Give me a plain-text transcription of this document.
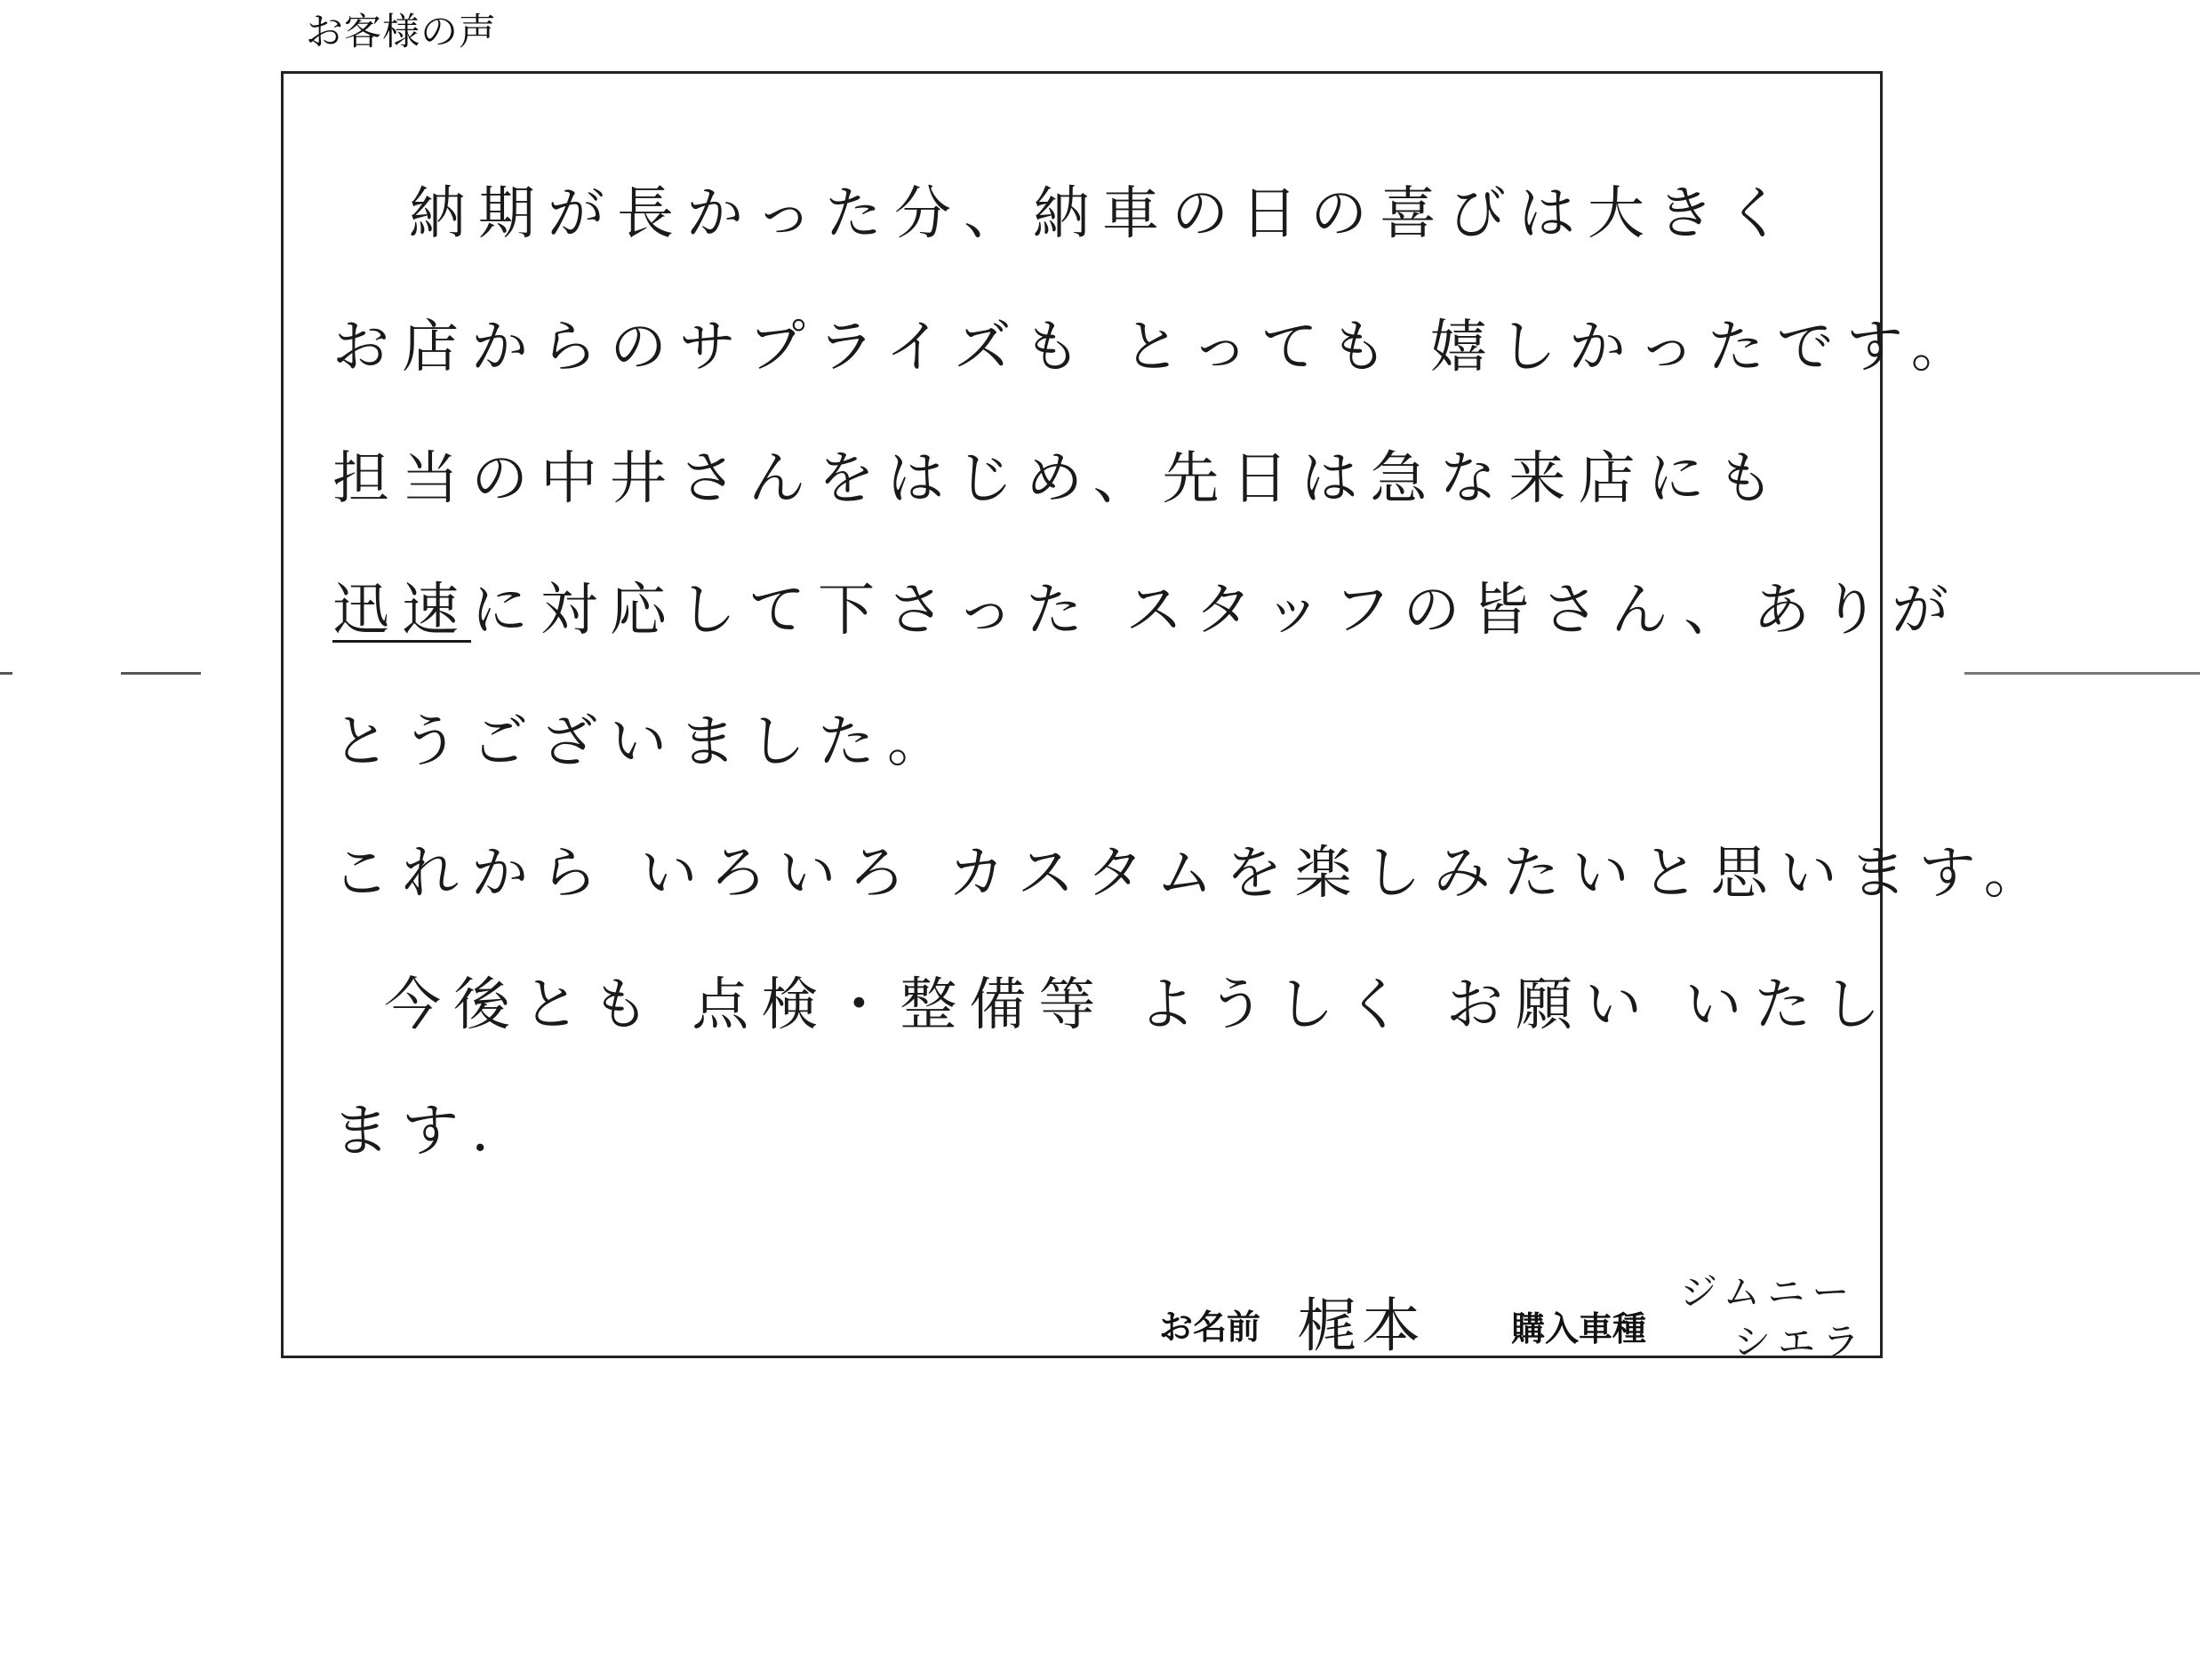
お客様の声
納期が長かった分、納車の日の喜びは大きく
お店からのサプライズも とっても 嬉しかったです。
担当の中井さんをはじめ、先日は急な来店にも
迅速に対応して下さった スタッフの皆さん、ありが
とうございました。
これから いろいろ カスタムを楽しみたいと思います。
今後とも 点検・整備等 ようしく お願い いたし
ます.
お名前 梶本	購入車種
ジムニー
シエラ
